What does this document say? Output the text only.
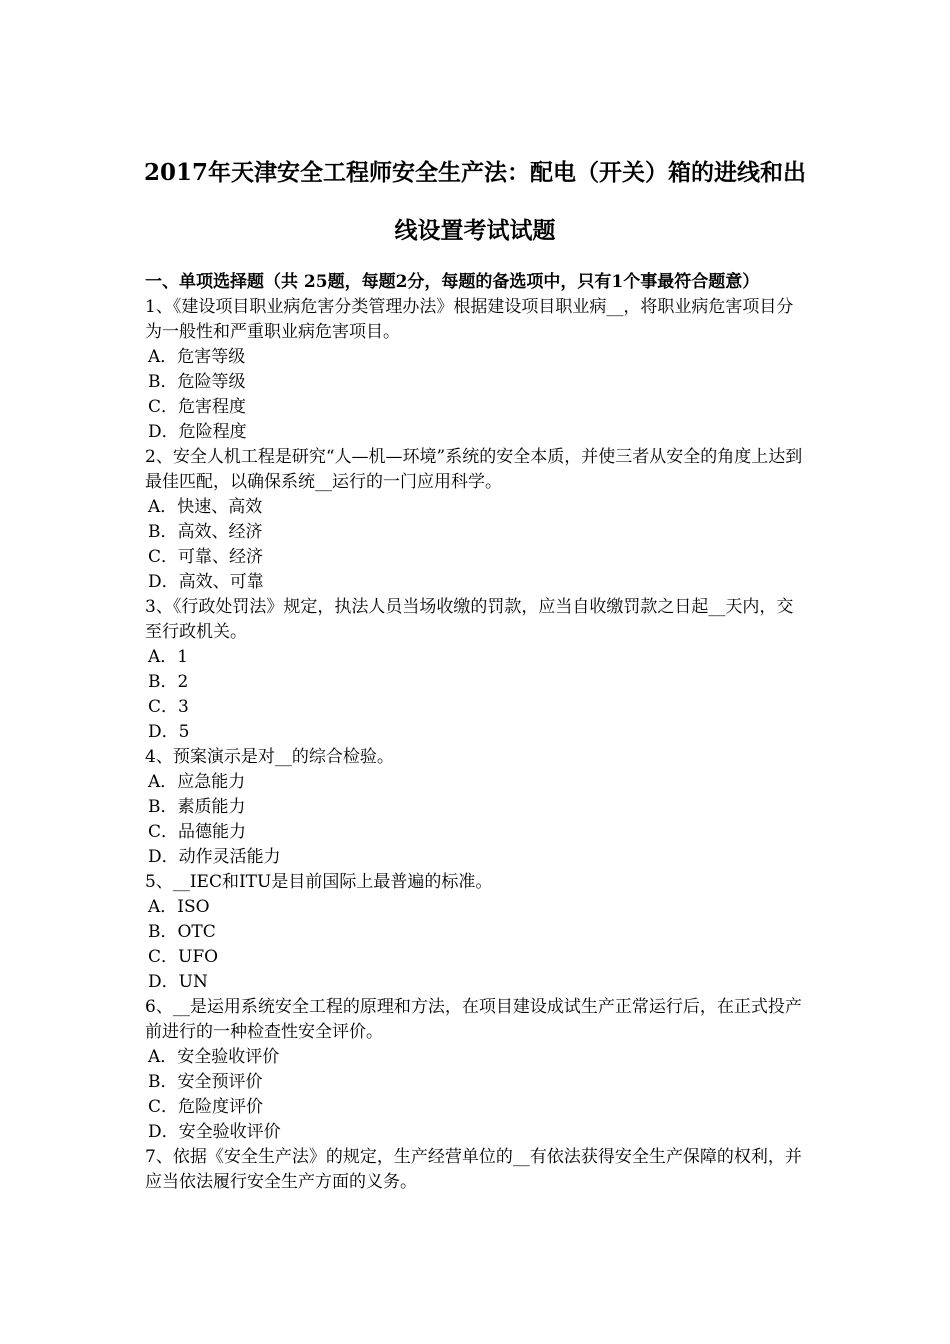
2017年天津安全工程师安全生产法：配电（开关）箱的进线和出线设置考试试题
一、单项选择题（共 25题，每题2分，每题的备选项中，只有1个事最符合题意）

1、《建设项目职业病危害分类管理办法》根据建设项目职业病__，将职业病危害项目分为一般性和严重职业病危害项目。

A．危害等级
B．危险等级
C．危害程度
D．危险程度

2、安全人机工程是研究“人—机—环境”系统的安全本质，并使三者从安全的角度上达到最佳匹配，以确保系统__运行的一门应用科学。

A．快速、高效
B．高效、经济
C．可靠、经济
D．高效、可靠

3、《行政处罚法》规定，执法人员当场收缴的罚款，应当自收缴罚款之日起__天内，交至行政机关。

A．1
B．2
C．3
D．5

4、预案演示是对__的综合检验。

A．应急能力
B．素质能力
C．品德能力
D．动作灵活能力

5、__IEC和ITU是目前国际上最普遍的标准。

A．ISO
B．OTC
C．UFO
D．UN

6、__是运用系统安全工程的原理和方法，在项目建设成试生产正常运行后，在正式投产前进行的一种检查性安全评价。

A．安全验收评价
B．安全预评价
C．危险度评价
D．安全验收评价

7、依据《安全生产法》的规定，生产经营单位的__有依法获得安全生产保障的权利，并应当依法履行安全生产方面的义务。
